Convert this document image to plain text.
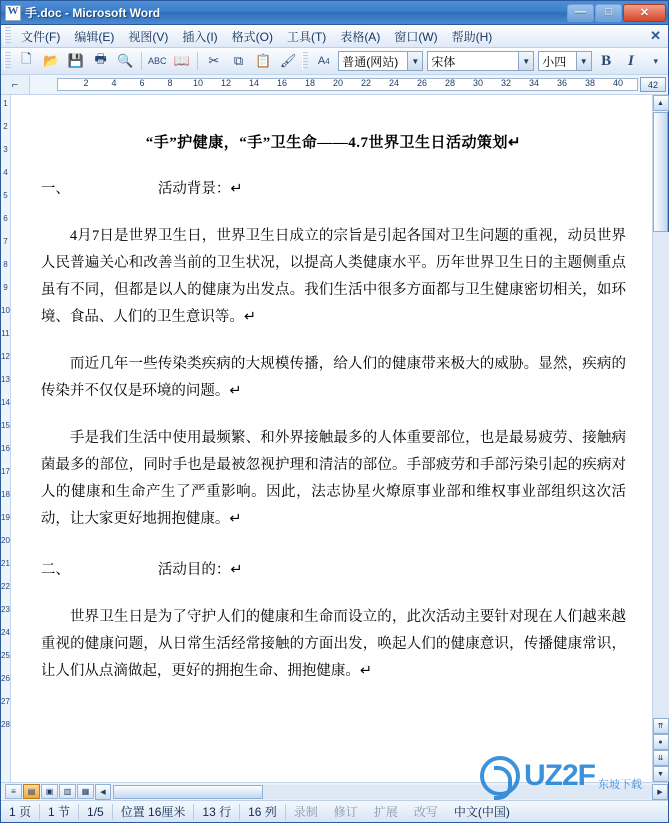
W
手.doc - Microsoft Word	—	□	✕
文件(F)	编辑(E)	视图(V)	插入(I)	格式(O)	工具(T)	表格(A)	窗口(W)	帮助(H)	✕
🗋 📂 💾 🖶 🔍	ABC 📖	✂	⧉ 📋 🖌	A 4 普通(网站)	▼ 宋体	▼ 小四	▼ B	I	▾
⌐	2	4	6	8 10 12 14 16 18 20 22 24 26 28 30 32 34 36 38 40	42
1
2
3
4
5
6
7
8
9
10
11
12
13
14
15
16
17
18
19
20
21
22
23
24
25
26
27
28
“手”护健康，“手”卫生命——4.7世界卫生日活动策划↵
一、	活动背景：↵
4月7日是世界卫生日，世界卫生日成立的宗旨是引起各国对卫生问题的重视，动员世界人民普遍关心和改善当前的卫生状况，以提高人类健康水平。历年世界卫生日的主题侧重点虽有不同，但都是以人的健康为出发点。我们生活中很多方面都与卫生健康密切相关，如环境、食品、人们的卫生意识等。↵
而近几年一些传染类疾病的大规模传播，给人们的健康带来极大的威胁。显然，疾病的传染并不仅仅是环境的问题。↵
手是我们生活中使用最频繁、和外界接触最多的人体重要部位，也是最易疲劳、接触病菌最多的部位，同时手也是最被忽视护理和清洁的部位。手部疲劳和手部污染引起的疾病对人的健康和生命产生了严重影响。因此，法志协星火燎原事业部和维权事业部组织这次活动，让大家更好地拥抱健康。↵
二、	活动目的：↵
世界卫生日是为了守护人们的健康和生命而设立的，此次活动主要针对现在人们越来越重视的健康问题，从日常生活经常接触的方面出发，唤起人们的健康意识，传播健康常识，让人们从点滴做起，更好的拥抱生命、拥抱健康。↵
▲
⇈
●
⇊
▼
≡	▤	▣	▥	▦	◀	▶
1 页	1 节	1/5	位置 16厘米	13 行	16 列	录制	修订	扩展	改写	中文(中国)
UZ2F 东坡下载
